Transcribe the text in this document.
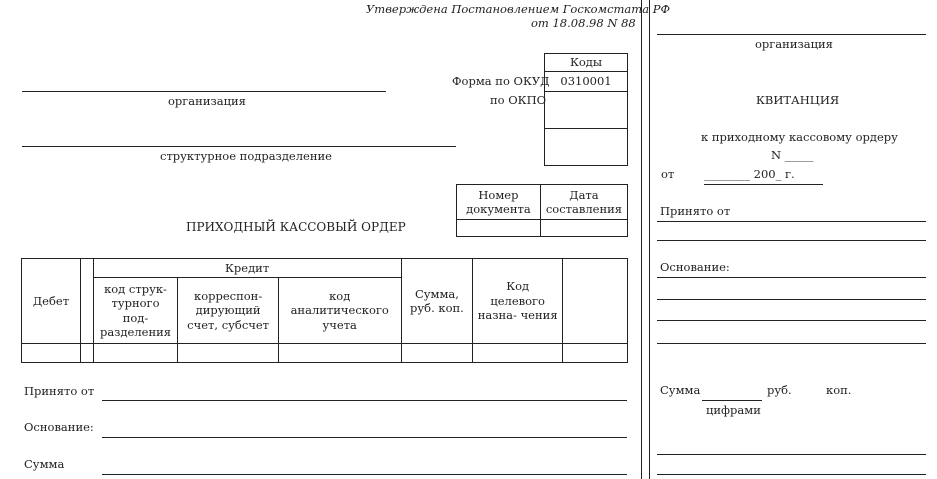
Утверждена Постановлением Госкомстата РФ
от 18.08.98 N 88
Коды
0310001

Форма по ОКУД
по ОКПО
организация
структурное подразделение
Номер документа	Дата составления

ПРИХОДНЫЙ КАССОВЫЙ ОРДЕР
Дебет		Кредит			Сумма, руб. коп.	Код целевого назна- чения	
		код струк- турного под- разделения	корреспон- дирующий счет, субсчет	код аналитического учета			

Принято от
Основание:
Сумма
организация
КВИТАНЦИЯ
к приходному кассовому ордеру
N _____
от	________ 200_ г.
Принято от
Основание:
Сумма	руб.	коп.
цифрами
